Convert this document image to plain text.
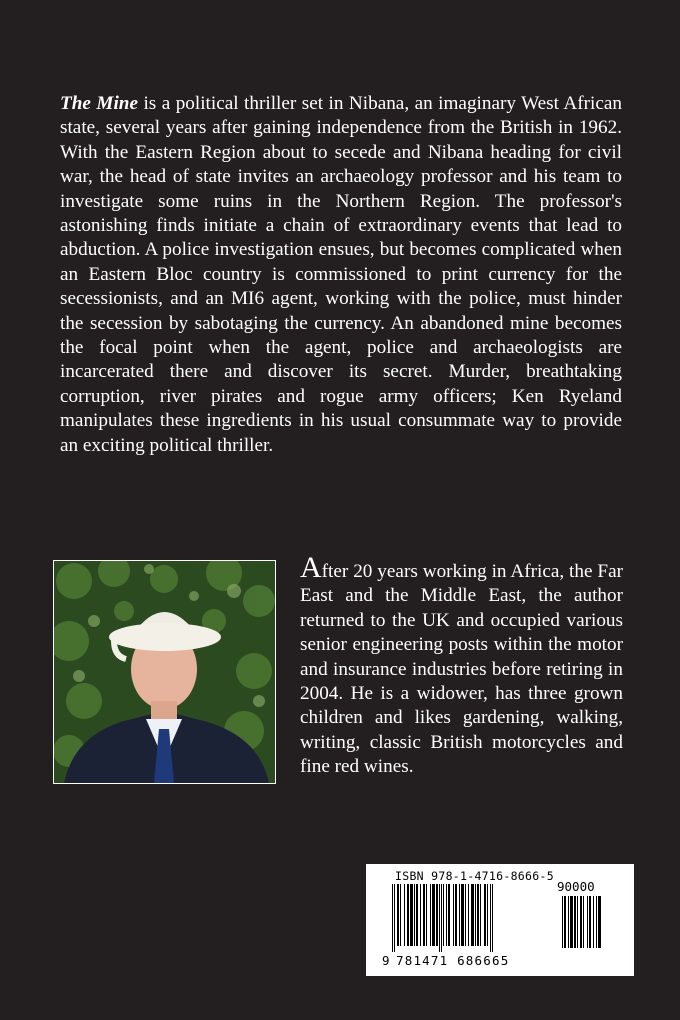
The Mine is a political thriller set in Nibana, an imaginary West African state, several years after gaining independence from the British in 1962. With the Eastern Region about to secede and Nibana heading for civil war, the head of state invites an archaeology professor and his team to investigate some ruins in the Northern Region. The professor's astonishing finds initiate a chain of extraordinary events that lead to abduction. A police investigation ensues, but becomes complicated when an Eastern Bloc country is commissioned to print currency for the secessionists, and an MI6 agent, working with the police, must hinder the secession by sabotaging the currency. An abandoned mine becomes the focal point when the agent, police and archaeologists are incarcerated there and discover its secret. Murder, breathtaking corruption, river pirates and rogue army officers; Ken Ryeland manipulates these ingredients in his usual consummate way to provide an exciting political thriller.

After 20 years working in Africa, the Far East and the Middle East, the author returned to the UK and occupied various senior engineering posts within the motor and insurance industries before retiring in 2004. He is a widower, has three grown children and likes gardening, walking, writing, classic British motorcycles and fine red wines.

ISBN 978-1-4716-8666-5
90000
9 781471 686665
